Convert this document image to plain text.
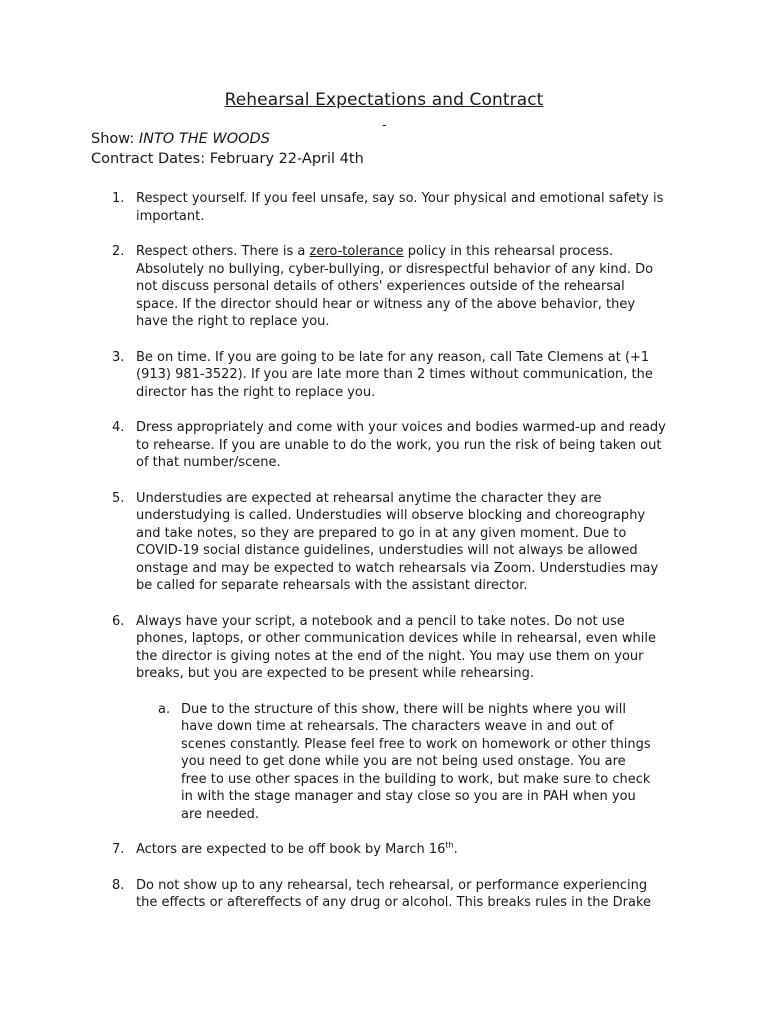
Rehearsal Expectations and Contract
-
Show: INTO THE WOODS
Contract Dates: February 22-April 4th
1. Respect yourself. If you feel unsafe, say so. Your physical and emotional safety is important.
2. Respect others. There is a zero-tolerance policy in this rehearsal process. Absolutely no bullying, cyber-bullying, or disrespectful behavior of any kind. Do not discuss personal details of others' experiences outside of the rehearsal space. If the director should hear or witness any of the above behavior, they have the right to replace you.
3. Be on time. If you are going to be late for any reason, call Tate Clemens at (+1 (913) 981-3522). If you are late more than 2 times without communication, the director has the right to replace you.
4. Dress appropriately and come with your voices and bodies warmed-up and ready to rehearse. If you are unable to do the work, you run the risk of being taken out of that number/scene.
5. Understudies are expected at rehearsal anytime the character they are understudying is called. Understudies will observe blocking and choreography and take notes, so they are prepared to go in at any given moment. Due to COVID-19 social distance guidelines, understudies will not always be allowed onstage and may be expected to watch rehearsals via Zoom. Understudies may be called for separate rehearsals with the assistant director.
6. Always have your script, a notebook and a pencil to take notes. Do not use phones, laptops, or other communication devices while in rehearsal, even while the director is giving notes at the end of the night. You may use them on your breaks, but you are expected to be present while rehearsing.
a. Due to the structure of this show, there will be nights where you will have down time at rehearsals. The characters weave in and out of scenes constantly. Please feel free to work on homework or other things you need to get done while you are not being used onstage. You are free to use other spaces in the building to work, but make sure to check in with the stage manager and stay close so you are in PAH when you are needed.
7. Actors are expected to be off book by March 16th.
8. Do not show up to any rehearsal, tech rehearsal, or performance experiencing the effects or aftereffects of any drug or alcohol. This breaks rules in the Drake
